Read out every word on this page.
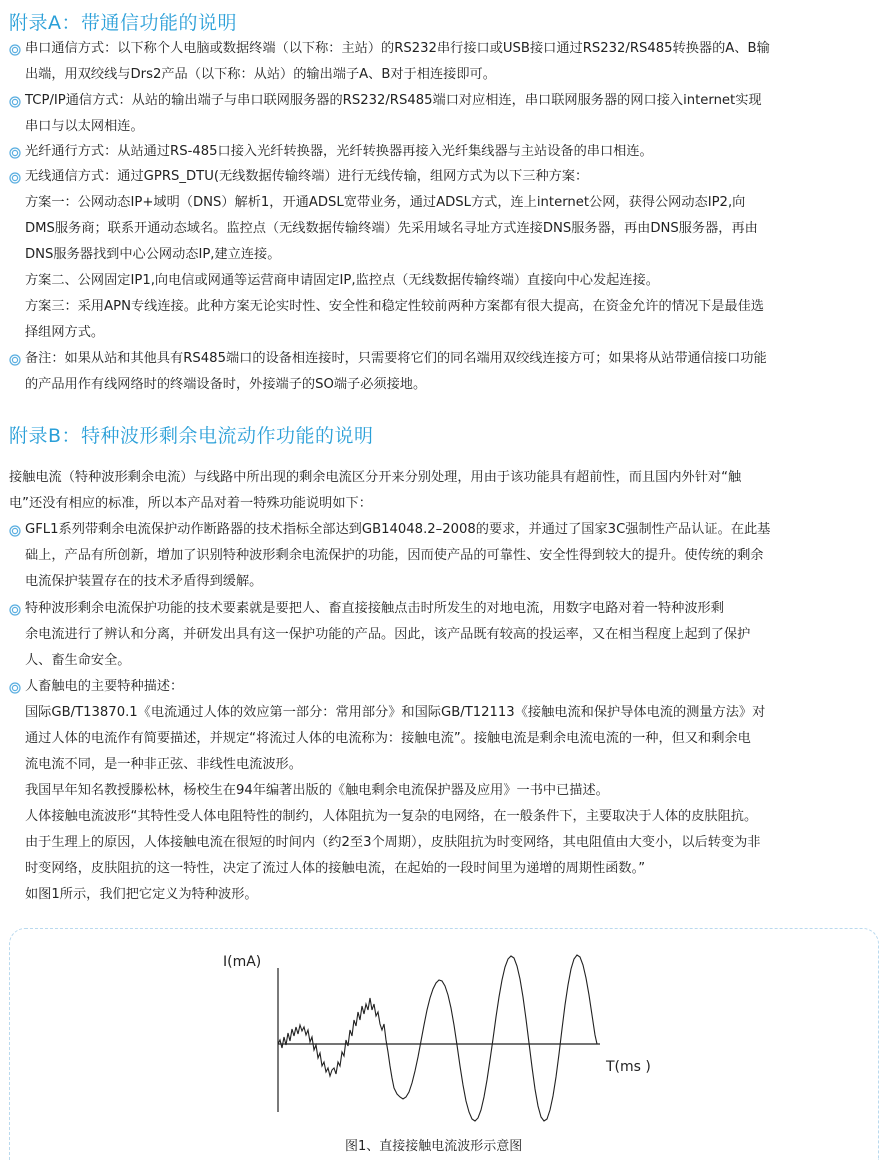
附录A：带通信功能的说明
串口通信方式：以下称个人电脑或数据终端（以下称：主站）的RS232串行接口或USB接口通过RS232/RS485转换器的A、B输
出端，用双绞线与Drs2产品（以下称：从站）的输出端子A、B对于相连接即可。
TCP/IP通信方式：从站的输出端子与串口联网服务器的RS232/RS485端口对应相连，串口联网服务器的网口接入internet实现
串口与以太网相连。
光纤通行方式：从站通过RS-485口接入光纤转换器，光纤转换器再接入光纤集线器与主站设备的串口相连。
无线通信方式：通过GPRS_DTU(无线数据传输终端）进行无线传输，组网方式为以下三种方案：
方案一：公网动态IP+域明（DNS）解析1，开通ADSL宽带业务，通过ADSL方式，连上internet公网，获得公网动态IP2,向
DMS服务商；联系开通动态域名。监控点（无线数据传输终端）先采用域名寻址方式连接DNS服务器，再由DNS服务器，再由
DNS服务器找到中心公网动态IP,建立连接。
方案二、公网固定IP1,向电信或网通等运营商申请固定IP,监控点（无线数据传输终端）直接向中心发起连接。
方案三：采用APN专线连接。此种方案无论实时性、安全性和稳定性较前两种方案都有很大提高，在资金允许的情况下是最佳选
择组网方式。
备注：如果从站和其他具有RS485端口的设备相连接时，只需要将它们的同名端用双绞线连接方可；如果将从站带通信接口功能
的产品用作有线网络时的终端设备时，外接端子的SO端子必须接地。
附录B：特种波形剩余电流动作功能的说明
接触电流（特种波形剩余电流）与线路中所出现的剩余电流区分开来分别处理，用由于该功能具有超前性，而且国内外针对“触
电”还没有相应的标准，所以本产品对着一特殊功能说明如下：
GFL1系列带剩余电流保护动作断路器的技术指标全部达到GB14048.2–2008的要求，并通过了国家3C强制性产品认证。在此基
础上，产品有所创新，增加了识别特种波形剩余电流保护的功能，因而使产品的可靠性、安全性得到较大的提升。使传统的剩余
电流保护装置存在的技术矛盾得到缓解。
特种波形剩余电流保护功能的技术要素就是要把人、畜直接接触点击时所发生的对地电流，用数字电路对着一特种波形剩
余电流进行了辨认和分离，并研发出具有这一保护功能的产品。因此，该产品既有较高的投运率，又在相当程度上起到了保护
人、畜生命安全。
人畜触电的主要特种描述：
国际GB/T13870.1《电流通过人体的效应第一部分：常用部分》和国际GB/T12113《接触电流和保护导体电流的测量方法》对
通过人体的电流作有简要描述，并规定“将流过人体的电流称为：接触电流”。接触电流是剩余电流电流的一种，但又和剩余电
流电流不同，是一种非正弦、非线性电流波形。
我国早年知名教授滕松林，杨校生在94年编著出版的《触电剩余电流保护器及应用》一书中已描述。
人体接触电流波形“其特性受人体电阻特性的制约，人体阻抗为一复杂的电网络，在一般条件下，主要取决于人体的皮肤阻抗。
由于生理上的原因，人体接触电流在很短的时间内（约2至3个周期），皮肤阻抗为时变网络，其电阻值由大变小，以后转变为非
时变网络，皮肤阻抗的这一特性，决定了流过人体的接触电流，在起始的一段时间里为递增的周期性函数。”
如图1所示，我们把它定义为特种波形。
I(mA)
T(ms )
图1、直接接触电流波形示意图
